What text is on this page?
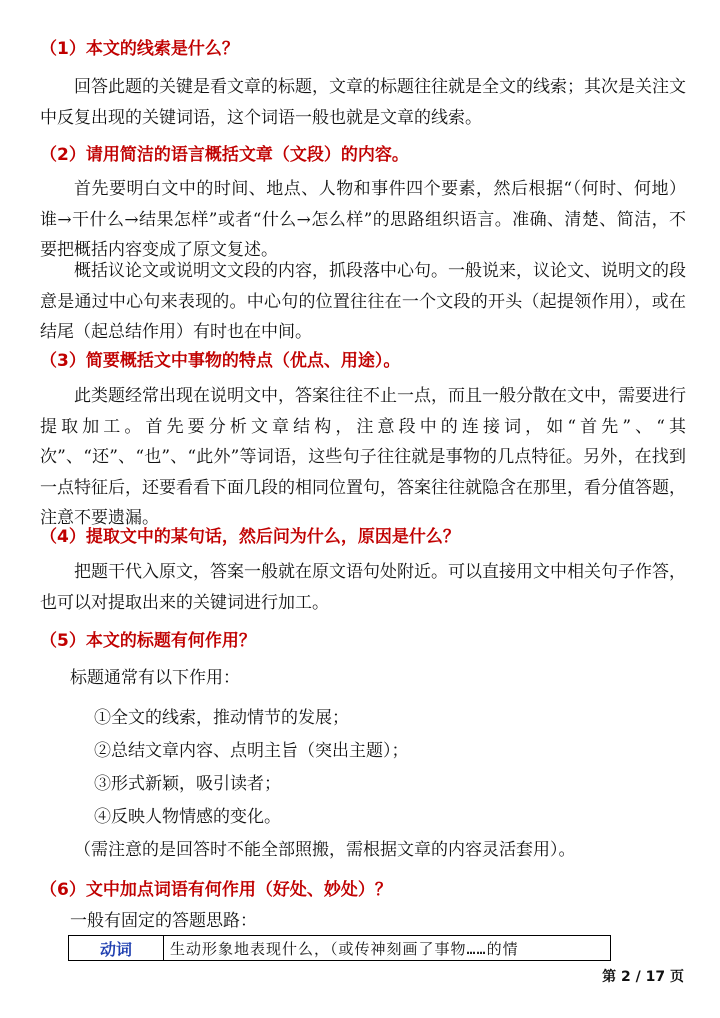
（1）本文的线索是什么？
回答此题的关键是看文章的标题，文章的标题往往就是全文的线索；其次是关注文中反复出现的关键词语，这个词语一般也就是文章的线索。
（2）请用简洁的语言概括文章（文段）的内容。
首先要明白文中的时间、地点、人物和事件四个要素，然后根据“（何时、何地）谁→干什么→结果怎样”或者“什么→怎么样”的思路组织语言。准确、清楚、简洁，不要把概括内容变成了原文复述。
概括议论文或说明文文段的内容，抓段落中心句。一般说来，议论文、说明文的段意是通过中心句来表现的。中心句的位置往往在一个文段的开头（起提领作用），或在结尾（起总结作用）有时也在中间。
（3）简要概括文中事物的特点（优点、用途）。
此类题经常出现在说明文中，答案往往不止一点，而且一般分散在文中，需要进行提取加工。首先要分析文章结构，注意段中的连接词，如“首先”、“其次”、“还”、“也”、“此外”等词语，这些句子往往就是事物的几点特征。另外，在找到一点特征后，还要看看下面几段的相同位置句，答案往往就隐含在那里，看分值答题，注意不要遗漏。
（4）提取文中的某句话，然后问为什么，原因是什么？
把题干代入原文，答案一般就在原文语句处附近。可以直接用文中相关句子作答，也可以对提取出来的关键词进行加工。
（5）本文的标题有何作用？
标题通常有以下作用：
①全文的线索，推动情节的发展；
②总结文章内容、点明主旨（突出主题）；
③形式新颖，吸引读者；
④反映人物情感的变化。
（需注意的是回答时不能全部照搬，需根据文章的内容灵活套用）。
（6）文中加点词语有何作用（好处、妙处）？
一般有固定的答题思路：
动词	生动形象地表现什么，（或传神刻画了事物……的情
第 2 / 17 页
